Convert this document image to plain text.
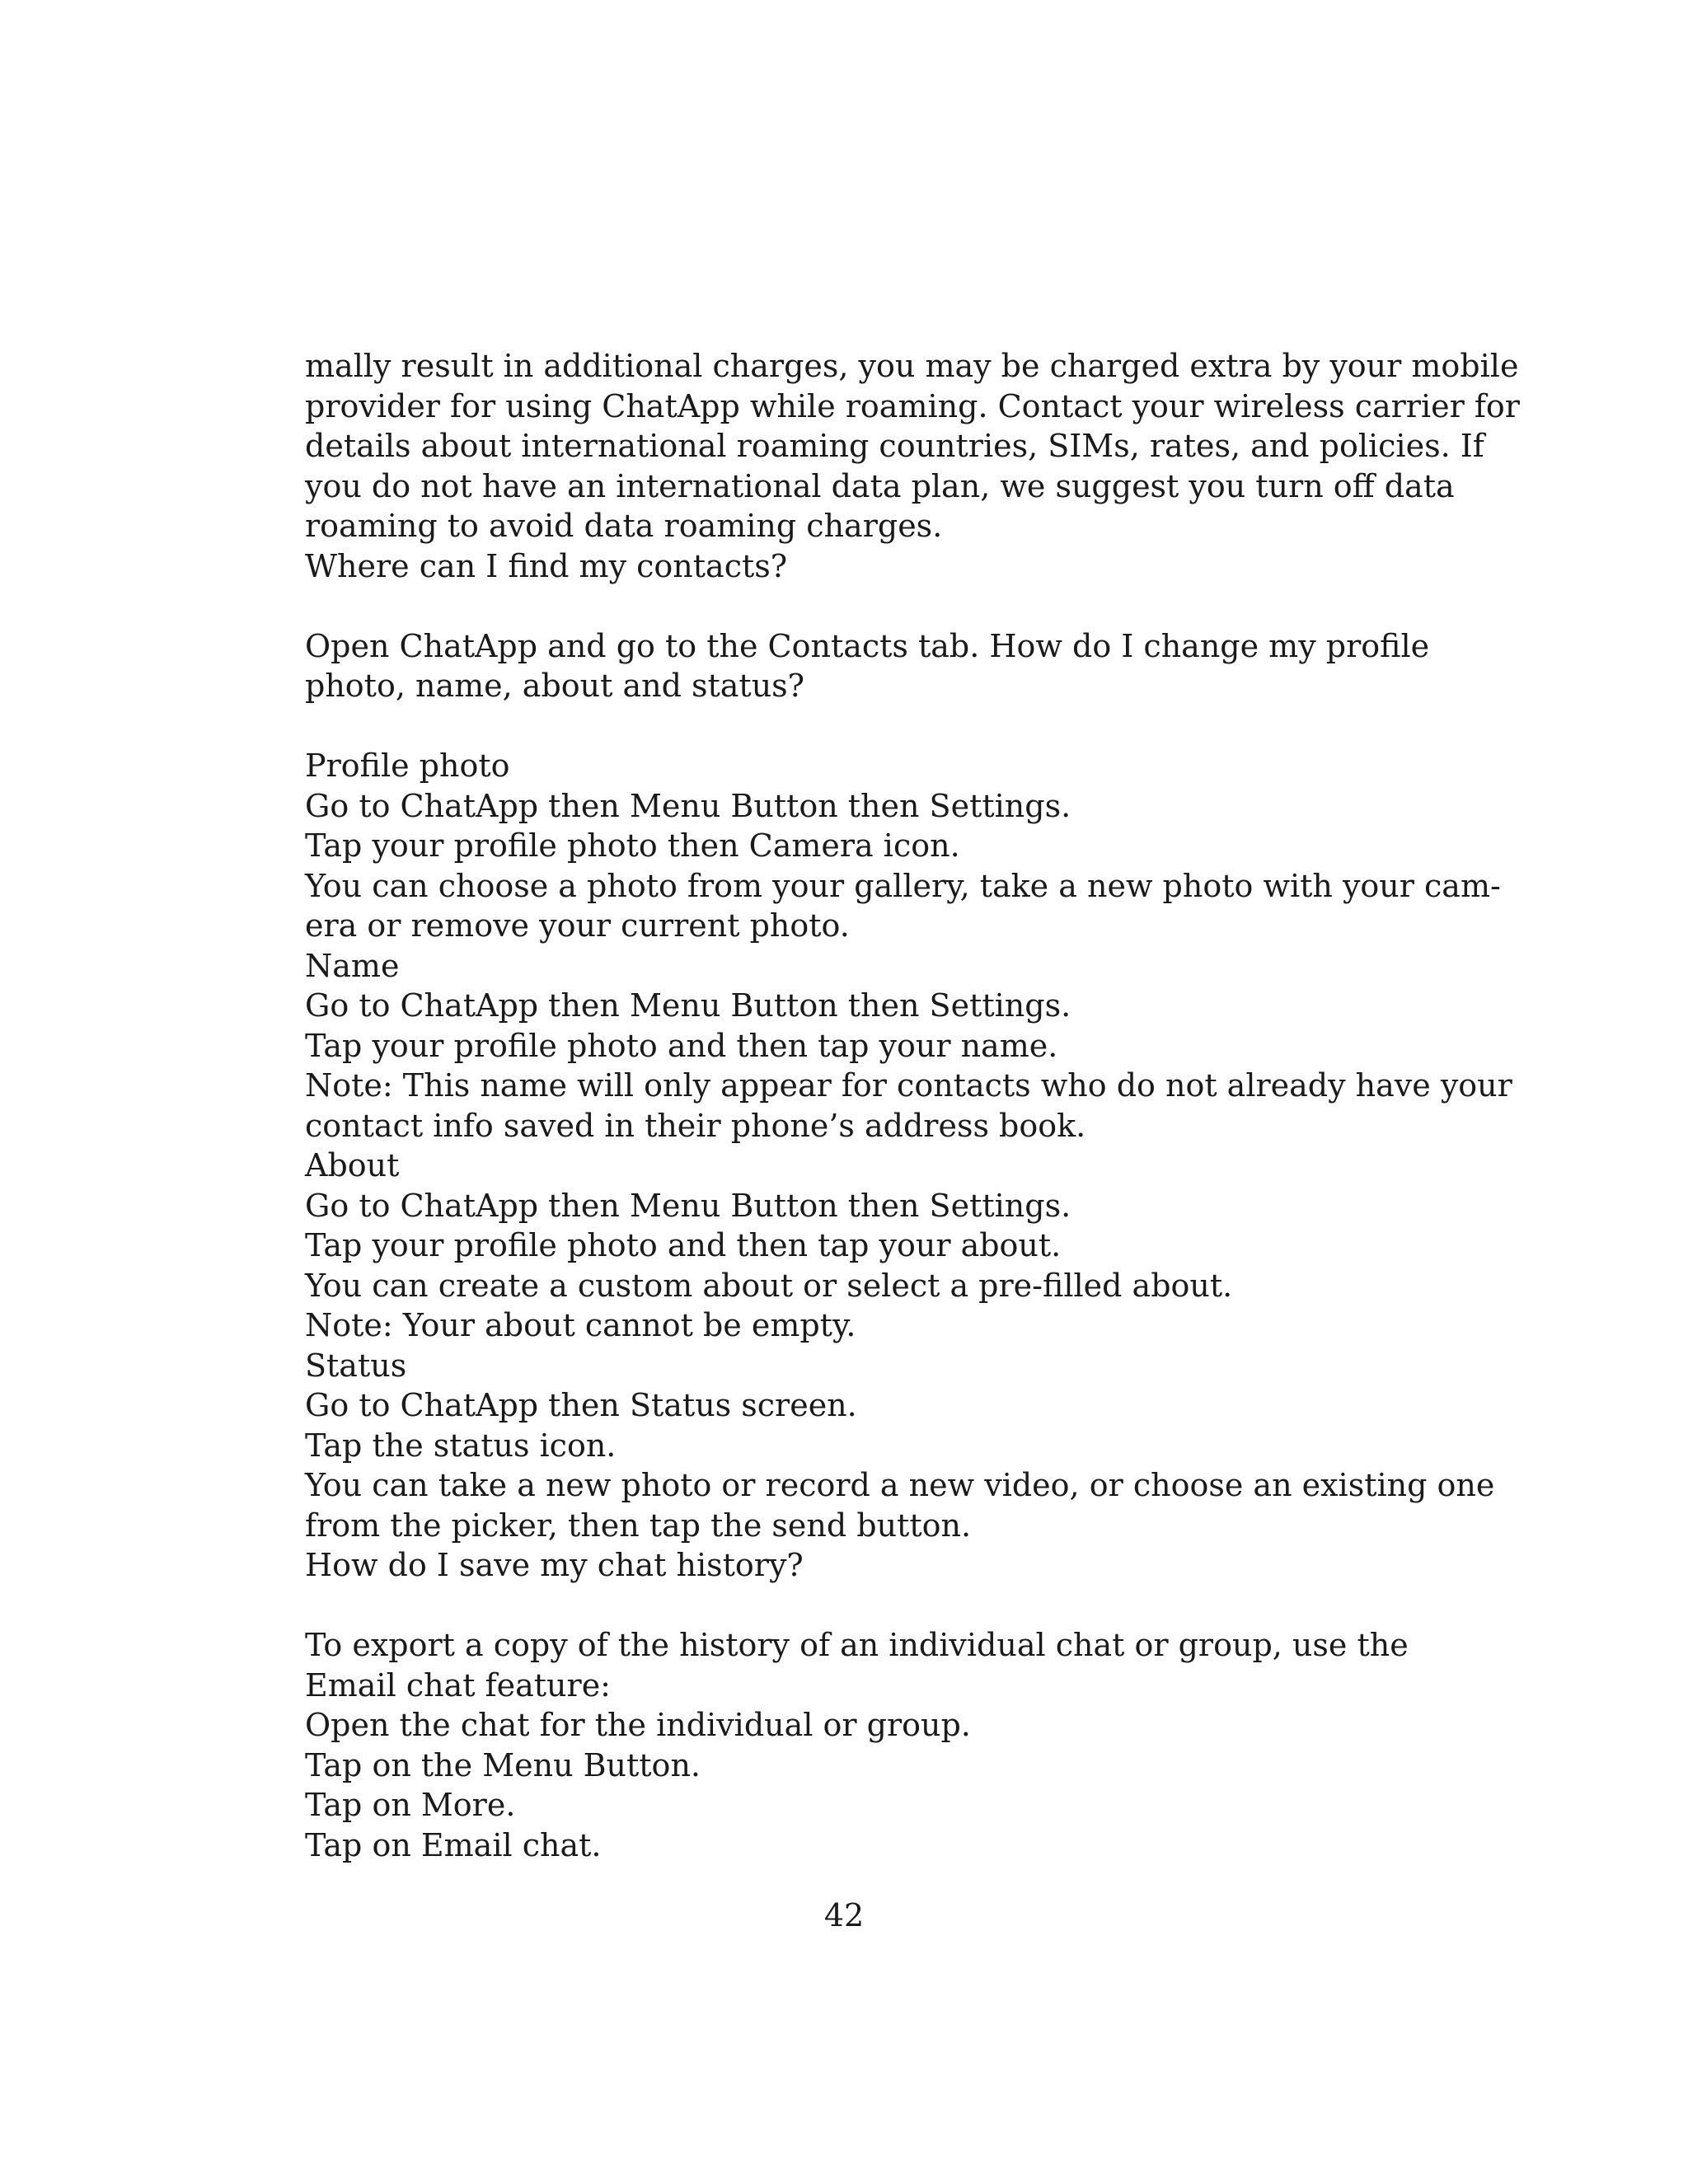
mally result in additional charges, you may be charged extra by your mobile
provider for using ChatApp while roaming. Contact your wireless carrier for
details about international roaming countries, SIMs, rates, and policies. If
you do not have an international data plan, we suggest you turn off data
roaming to avoid data roaming charges.
Where can I find my contacts?
Open ChatApp and go to the Contacts tab. How do I change my profile
photo, name, about and status?
Profile photo
Go to ChatApp then Menu Button then Settings.
Tap your profile photo then Camera icon.
You can choose a photo from your gallery, take a new photo with your cam-
era or remove your current photo.
Name
Go to ChatApp then Menu Button then Settings.
Tap your profile photo and then tap your name.
Note: This name will only appear for contacts who do not already have your
contact info saved in their phone’s address book.
About
Go to ChatApp then Menu Button then Settings.
Tap your profile photo and then tap your about.
You can create a custom about or select a pre-filled about.
Note: Your about cannot be empty.
Status
Go to ChatApp then Status screen.
Tap the status icon.
You can take a new photo or record a new video, or choose an existing one
from the picker, then tap the send button.
How do I save my chat history?
To export a copy of the history of an individual chat or group, use the
Email chat feature:
Open the chat for the individual or group.
Tap on the Menu Button.
Tap on More.
Tap on Email chat.
42
